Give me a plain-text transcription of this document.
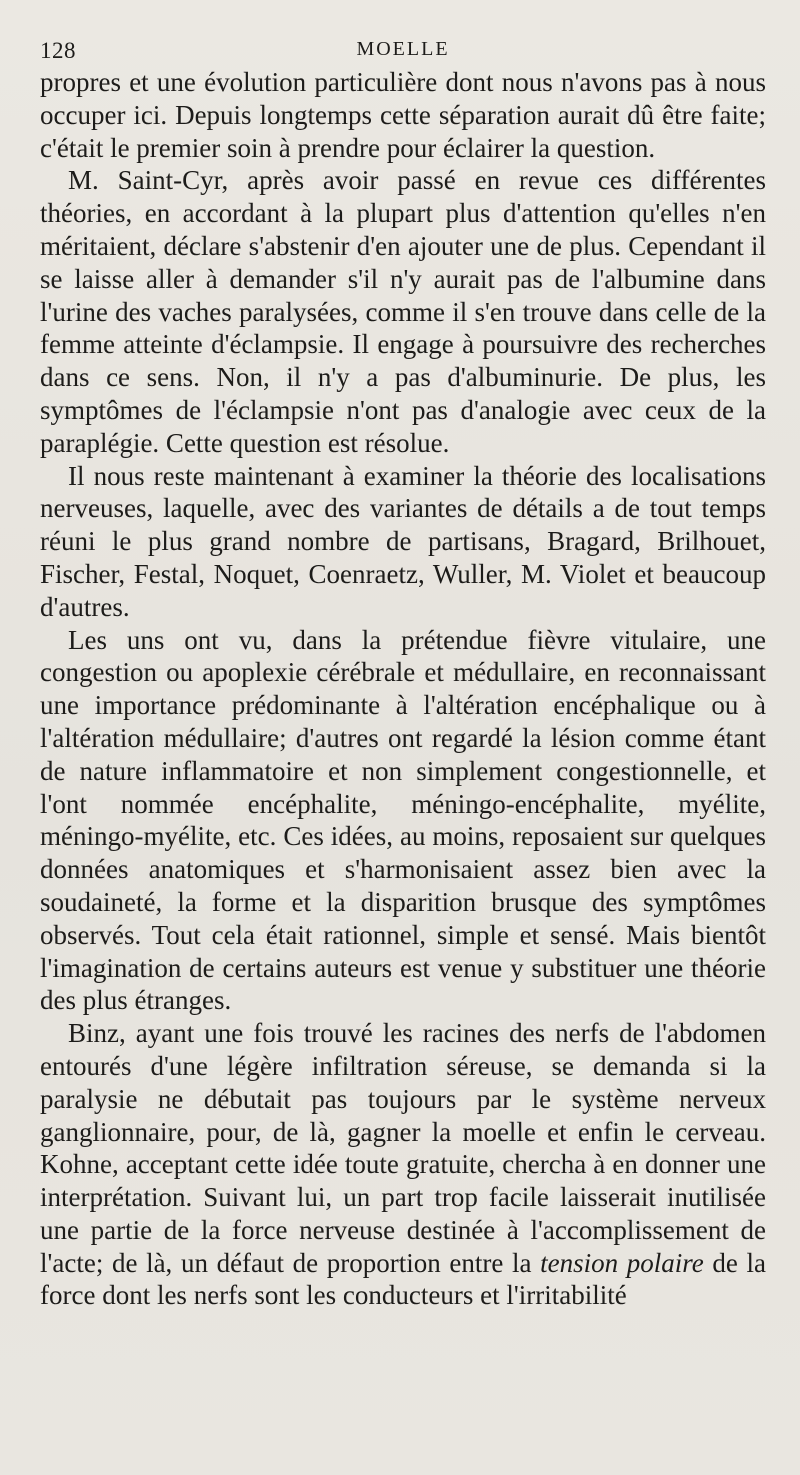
128	MOELLE

propres et une évolution particulière dont nous n'avons pas à nous occuper ici. Depuis longtemps cette séparation aurait dû être faite; c'était le premier soin à prendre pour éclairer la question.

M. Saint-Cyr, après avoir passé en revue ces différentes théories, en accordant à la plupart plus d'attention qu'elles n'en méritaient, déclare s'abstenir d'en ajouter une de plus. Cependant il se laisse aller à demander s'il n'y aurait pas de l'albumine dans l'urine des vaches paralysées, comme il s'en trouve dans celle de la femme atteinte d'éclampsie. Il engage à poursuivre des recherches dans ce sens. Non, il n'y a pas d'albuminurie. De plus, les symptômes de l'éclampsie n'ont pas d'analogie avec ceux de la paraplégie. Cette question est résolue.

Il nous reste maintenant à examiner la théorie des localisations nerveuses, laquelle, avec des variantes de détails a de tout temps réuni le plus grand nombre de partisans, Bragard, Brilhouet, Fischer, Festal, Noquet, Coenraetz, Wuller, M. Violet et beaucoup d'autres.

Les uns ont vu, dans la prétendue fièvre vitulaire, une congestion ou apoplexie cérébrale et médullaire, en reconnaissant une importance prédominante à l'altération encéphalique ou à l'altération médullaire; d'autres ont regardé la lésion comme étant de nature inflammatoire et non simplement congestionnelle, et l'ont nommée encéphalite, méningo-encéphalite, myélite, méningo-myélite, etc. Ces idées, au moins, reposaient sur quelques données anatomiques et s'harmonisaient assez bien avec la soudaineté, la forme et la disparition brusque des symptômes observés. Tout cela était rationnel, simple et sensé. Mais bientôt l'imagination de certains auteurs est venue y substituer une théorie des plus étranges.

Binz, ayant une fois trouvé les racines des nerfs de l'abdomen entourés d'une légère infiltration séreuse, se demanda si la paralysie ne débutait pas toujours par le système nerveux ganglionnaire, pour, de là, gagner la moelle et enfin le cerveau. Kohne, acceptant cette idée toute gratuite, chercha à en donner une interprétation. Suivant lui, un part trop facile laisserait inutilisée une partie de la force nerveuse destinée à l'accomplissement de l'acte; de là, un défaut de proportion entre la tension polaire de la force dont les nerfs sont les conducteurs et l'irritabilité
